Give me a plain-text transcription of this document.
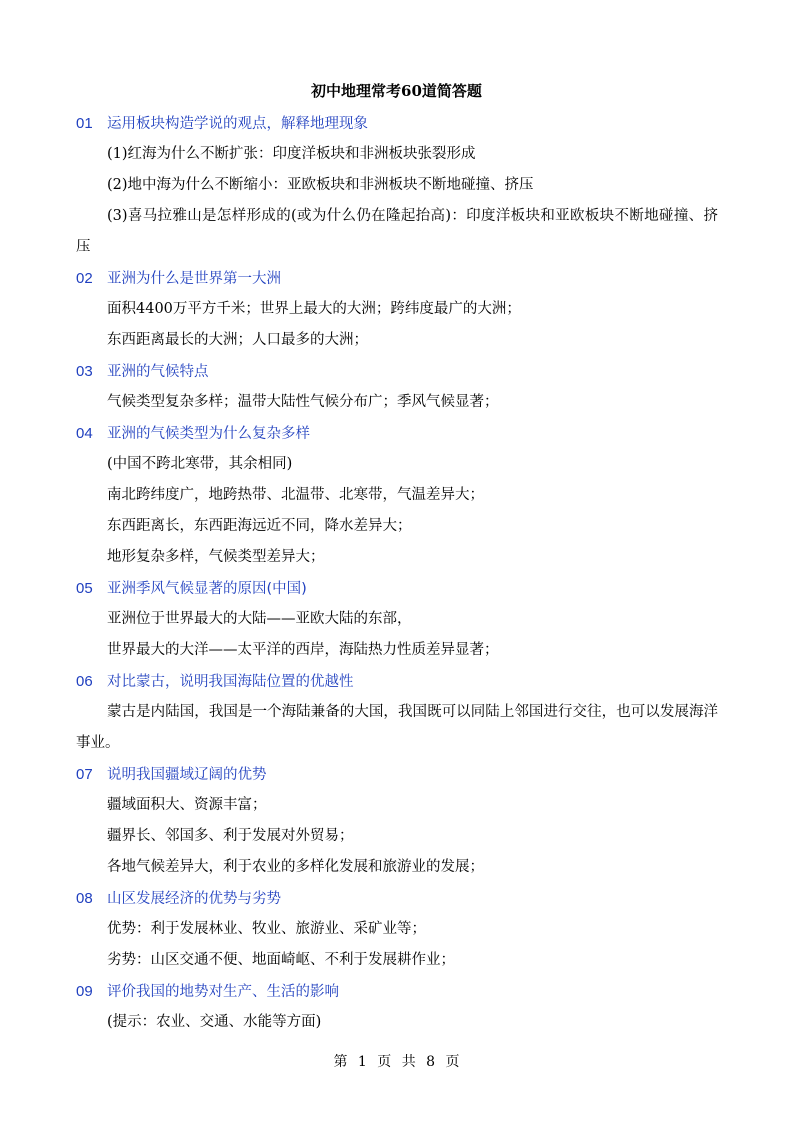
初中地理常考60道简答题
01 运用板块构造学说的观点，解释地理现象
(1)红海为什么不断扩张：印度洋板块和非洲板块张裂形成
(2)地中海为什么不断缩小：亚欧板块和非洲板块不断地碰撞、挤压
(3)喜马拉雅山是怎样形成的(或为什么仍在隆起抬高)：印度洋板块和亚欧板块不断地碰撞、挤压
02 亚洲为什么是世界第一大洲
面积4400万平方千米；世界上最大的大洲；跨纬度最广的大洲；
东西距离最长的大洲；人口最多的大洲；
03 亚洲的气候特点
气候类型复杂多样；温带大陆性气候分布广；季风气候显著；
04 亚洲的气候类型为什么复杂多样
(中国不跨北寒带，其余相同)
南北跨纬度广，地跨热带、北温带、北寒带，气温差异大；
东西距离长，东西距海远近不同，降水差异大；
地形复杂多样，气候类型差异大；
05 亚洲季风气候显著的原因(中国)
亚洲位于世界最大的大陆——亚欧大陆的东部，
世界最大的大洋——太平洋的西岸，海陆热力性质差异显著；
06 对比蒙古，说明我国海陆位置的优越性
蒙古是内陆国，我国是一个海陆兼备的大国，我国既可以同陆上邻国进行交往，也可以发展海洋事业。
07 说明我国疆域辽阔的优势
疆域面积大、资源丰富；
疆界长、邻国多、利于发展对外贸易；
各地气候差异大，利于农业的多样化发展和旅游业的发展；
08 山区发展经济的优势与劣势
优势：利于发展林业、牧业、旅游业、采矿业等；
劣势：山区交通不便、地面崎岖、不利于发展耕作业；
09 评价我国的地势对生产、生活的影响
(提示：农业、交通、水能等方面)
第 1 页 共 8 页
